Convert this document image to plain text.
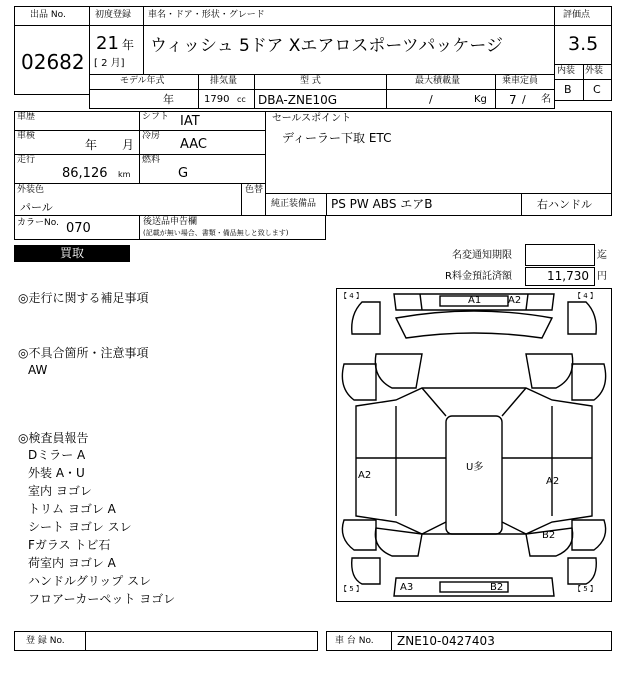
出品 No.
02682
初度登録
21 年
[ 2 月]
車名・ドア・形状・グレード
ウィッシュ 5ドア Xエアロスポーツパッケージ
評価点
3.5
内装 外装
B C
モデル年式
年
排気量
1790 cc
型 式
DBA-ZNE10G
最大積載量
/	Kg
乗車定員
7 / 名
車歴	シフト IAT
車検
年 月
冷房
AAC
走行
86,126 km
燃料
G
セールスポイント
ディーラー下取 ETC
外装色
パール
色替
純正装備品 PS PW ABS エアB	右ハンドル
カラーNo. 070	後送品申告欄
(記載が無い場合、書類・備品無しと致します)
買取	名変通知期限	迄
R料金預託済額	11,730 円
◎走行に関する補足事項
◎不具合箇所・注意事項
AW
◎検査員報告
Dミラー A
外装 A・U
室内 ヨゴレ
トリム ヨゴレ A
シート ヨゴレ スレ
Fガラス トビ石
荷室内 ヨゴレ A
ハンドルグリップ スレ
フロアーカーペット ヨゴレ
【 4 】	【 4 】
【 5 】	【 5 】
A1	A2
A2
U多
A2
B2
A3	B2
登 録 No.	車 台 No. ZNE10-0427403
